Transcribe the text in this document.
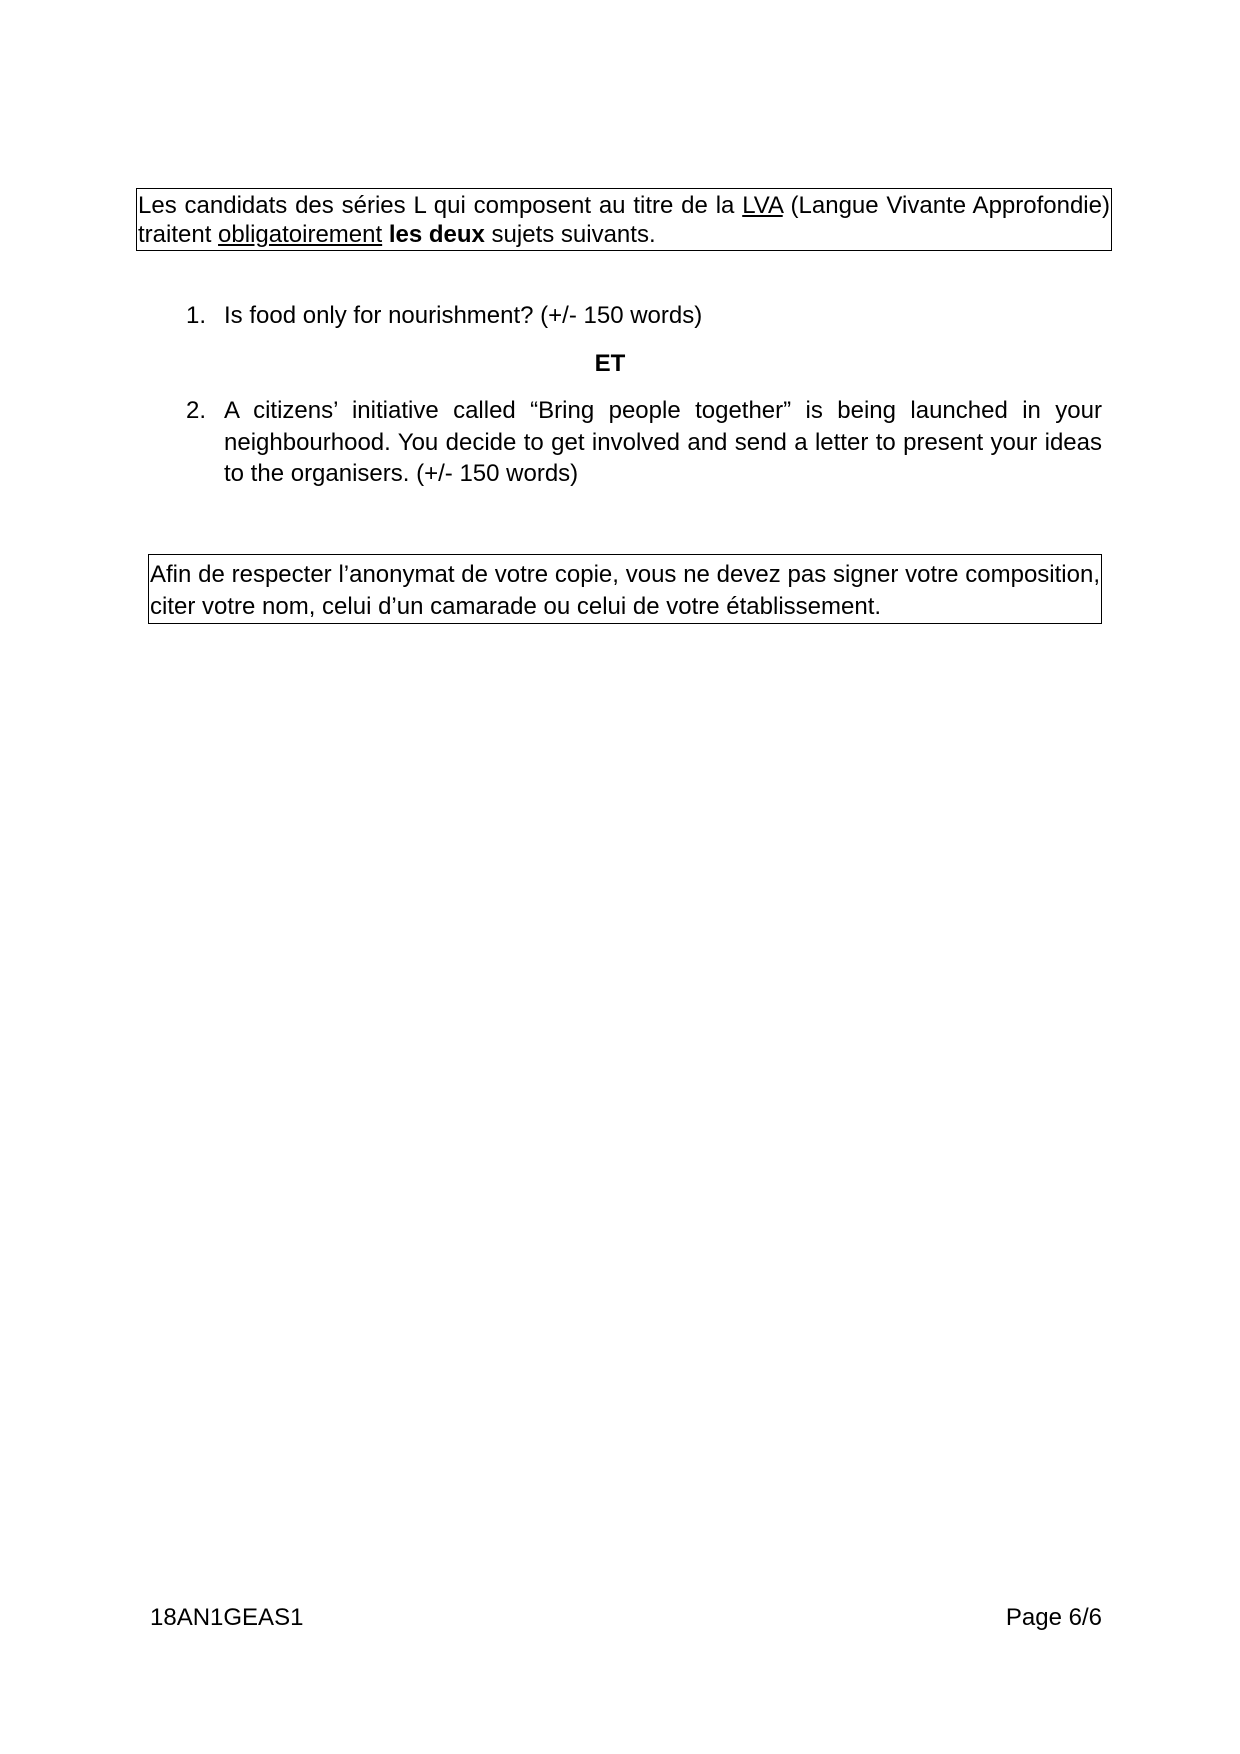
Les candidats des séries L qui composent au titre de la LVA (Langue Vivante Approfondie) traitent obligatoirement les deux sujets suivants.
1. Is food only for nourishment? (+/- 150 words)
ET
2. A citizens’ initiative called “Bring people together” is being launched in your neighbourhood. You decide to get involved and send a letter to present your ideas to the organisers. (+/- 150 words)
Afin de respecter l’anonymat de votre copie, vous ne devez pas signer votre composition, citer votre nom, celui d’un camarade ou celui de votre établissement.
18AN1GEAS1	Page 6/6
